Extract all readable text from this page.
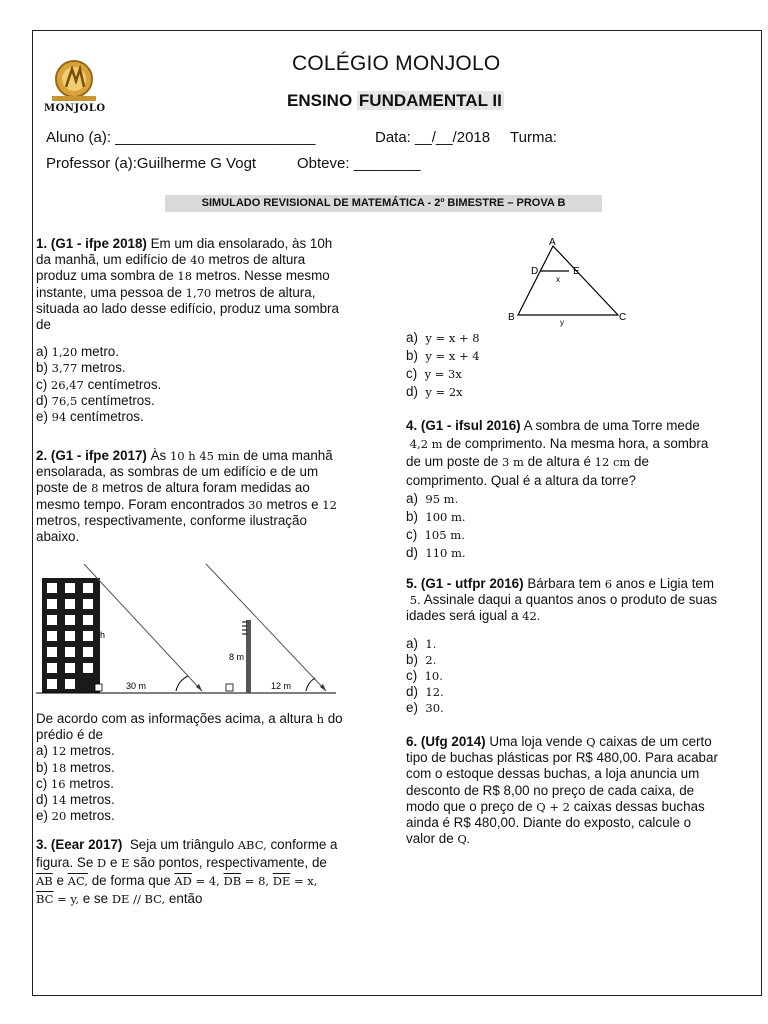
MONJOLO
COLÉGIO MONJOLO
ENSINO FUNDAMENTAL II
Aluno (a): ________________________	Data: __/__/2018 Turma:
Professor (a):Guilherme G Vogt	Obteve: ________
SIMULADO REVISIONAL DE MATEMÁTICA - 2º BIMESTRE – PROVA B

1. (G1 - ifpe 2018) Em um dia ensolarado, às 10h

da manhã, um edifício de 40 metros de altura

produz uma sombra de 18 metros. Nesse mesmo

instante, uma pessoa de 1,70 metros de altura,

situada ao lado desse edifício, produz uma sombra

de

a) 1,20 metro.

b) 3,77 metros.

c) 26,47 centímetros.

d) 76,5 centímetros.

e) 94 centímetros.

2. (G1 - ifpe 2017) Às 10 h 45 min de uma manhã

ensolarada, as sombras de um edifício e de um

poste de 8 metros de altura foram medidas ao

mesmo tempo. Foram encontrados 30 metros e 12

metros, respectivamente, conforme ilustração

abaixo.

h
30 m
8 m
12 m

De acordo com as informações acima, a altura h do

prédio é de

a) 12 metros.

b) 18 metros.

c) 16 metros.

d) 14 metros.

e) 20 metros.

3. (Eear 2017) Seja um triângulo ABC, conforme a

figura. Se D e E são pontos, respectivamente, de

$\overline{AB}$ e AC, de forma que $\overline{AD} = 4$, $\overline{DB} = 8$, $\overline{DE} = x$,

$\overline{BC} = y$, e se DE // BC, então

A
D	E
x
B	C
y

a) y = x + 8

b) y = x + 4

c) y = 3x

d) y = 2x

4. (G1 - ifsul 2016) A sombra de uma Torre mede

4,2 m de comprimento. Na mesma hora, a sombra

de um poste de 3 m de altura é 12 cm de

comprimento. Qual é a altura da torre?

a) 95 m.

b) 100 m.

c) 105 m.

d) 110 m.

5. (G1 - utfpr 2016) Bárbara tem 6 anos e Ligia tem

5. Assinale daqui a quantos anos o produto de suas

idades será igual a 42.

a) 1.

b) 2.

c) 10.

d) 12.

e) 30.

6. (Ufg 2014) Uma loja vende Q caixas de um certo

tipo de buchas plásticas por R$ 480,00. Para acabar

com o estoque dessas buchas, a loja anuncia um

desconto de R$ 8,00 no preço de cada caixa, de

modo que o preço de Q + 2 caixas dessas buchas

ainda é R$ 480,00. Diante do exposto, calcule o

valor de Q.
